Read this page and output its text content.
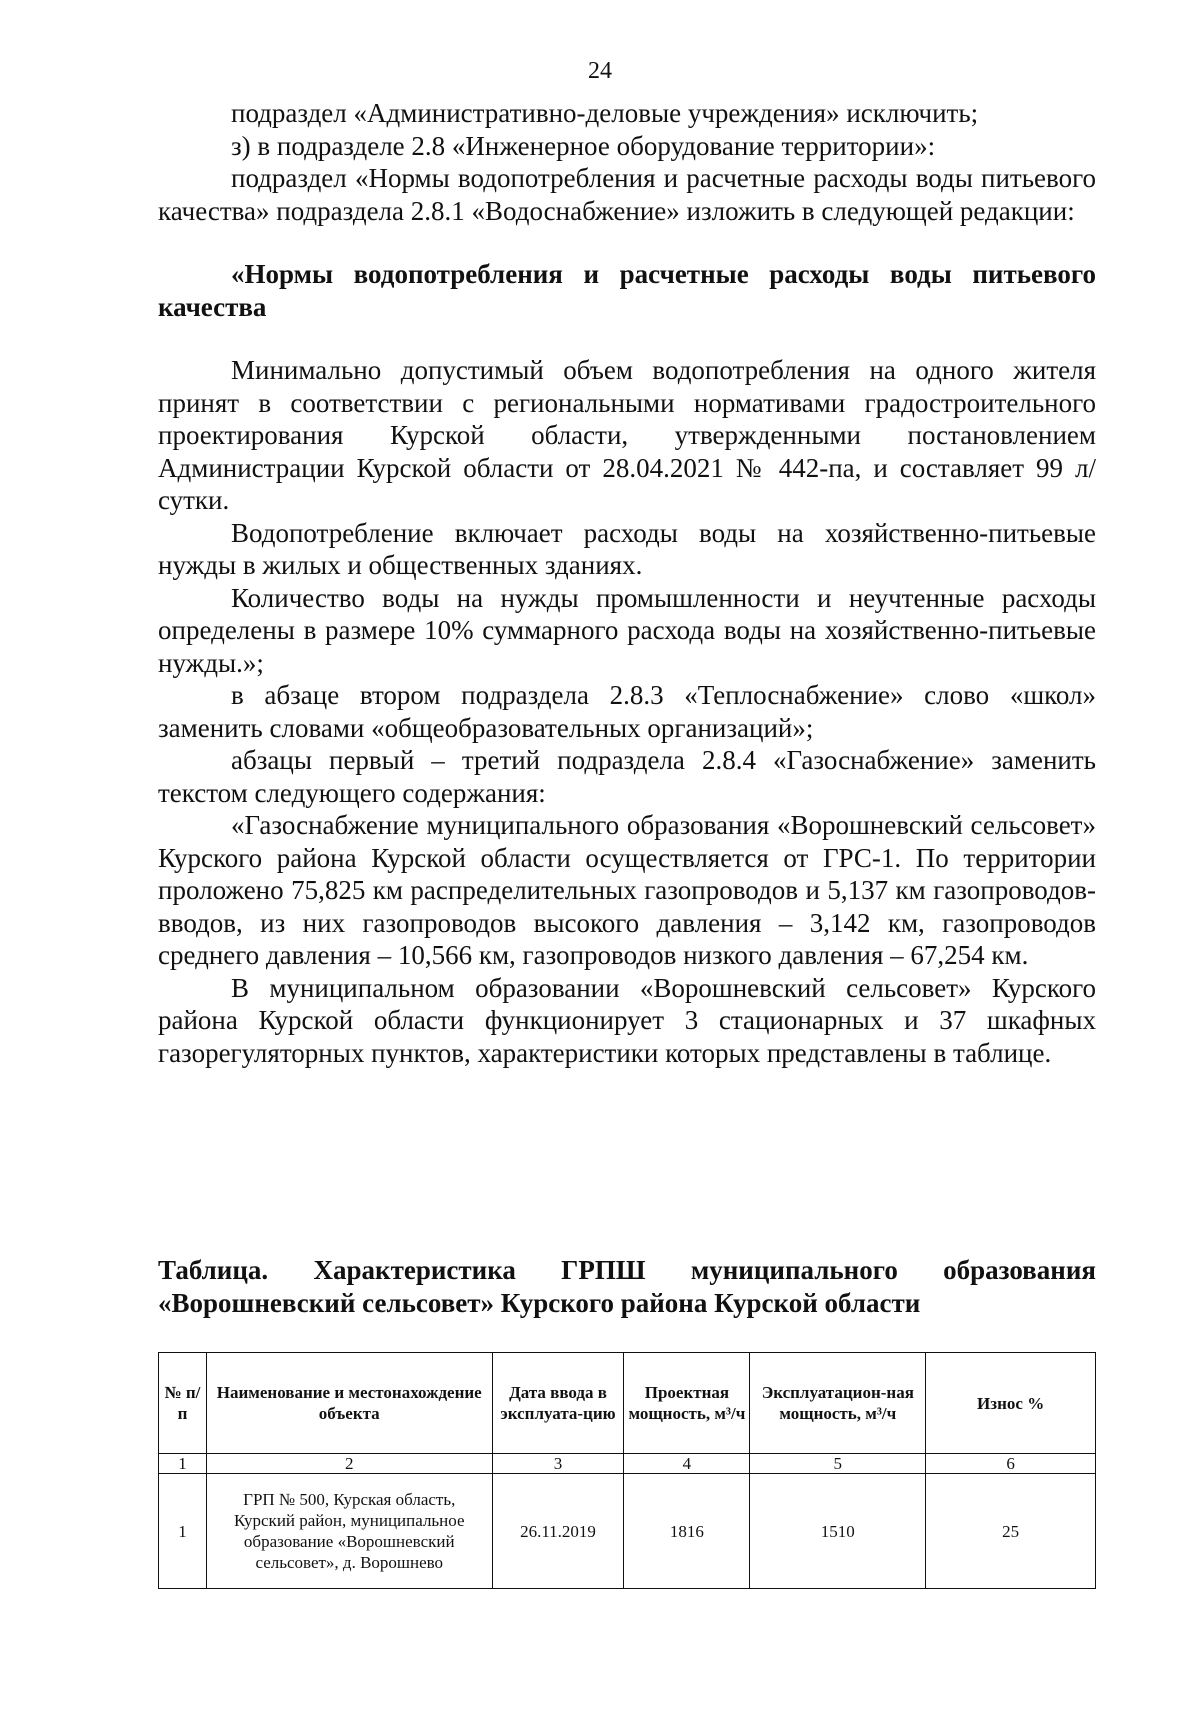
24

подраздел «Административно-деловые учреждения» исключить;

з) в подразделе 2.8 «Инженерное оборудование территории»:

подраздел «Нормы водопотребления и расчетные расходы воды питьевого качества» подраздела 2.8.1 «Водоснабжение» изложить в следующей редакции:

«Нормы водопотребления и расчетные расходы воды питьевого качества

Минимально допустимый объем водопотребления на одного жителя принят в соответствии с региональными нормативами градостроительного проектирования Курской области, утвержденными постановлением Администрации Курской области от 28.04.2021 № 442-па, и составляет 99 л/сутки.

Водопотребление включает расходы воды на хозяйственно-питьевые нужды в жилых и общественных зданиях.

Количество воды на нужды промышленности и неучтенные расходы определены в размере 10% суммарного расхода воды на хозяйственно-питьевые нужды.»;

в абзаце втором подраздела 2.8.3 «Теплоснабжение» слово «школ» заменить словами «общеобразовательных организаций»;

абзацы первый – третий подраздела 2.8.4 «Газоснабжение» заменить текстом следующего содержания:

«Газоснабжение муниципального образования «Ворошневский сельсовет» Курского района Курской области осуществляется от ГРС-1. По территории проложено 75,825 км распределительных газопроводов и 5,137 км газопроводов-вводов, из них газопроводов высокого давления – 3,142 км, газопроводов среднего давления – 10,566 км, газопроводов низкого давления – 67,254 км.

В муниципальном образовании «Ворошневский сельсовет» Курского района Курской области функционирует 3 стационарных и 37 шкафных газорегуляторных пунктов, характеристики которых представлены в таблице.

Таблица. Характеристика ГРПШ муниципального образования «Ворошневский сельсовет» Курского района Курской области
№ п/п	Наименование и местонахождение объекта	Дата ввода в эксплуата-цию	Проектная мощность, м³/ч	Эксплуатацион-ная мощность, м³/ч	Износ %
1	2	3	4	5	6
1	ГРП № 500, Курская область, Курский район, муниципальное образование «Ворошневский сельсовет», д. Ворошнево	26.11.2019	1816	1510	25
